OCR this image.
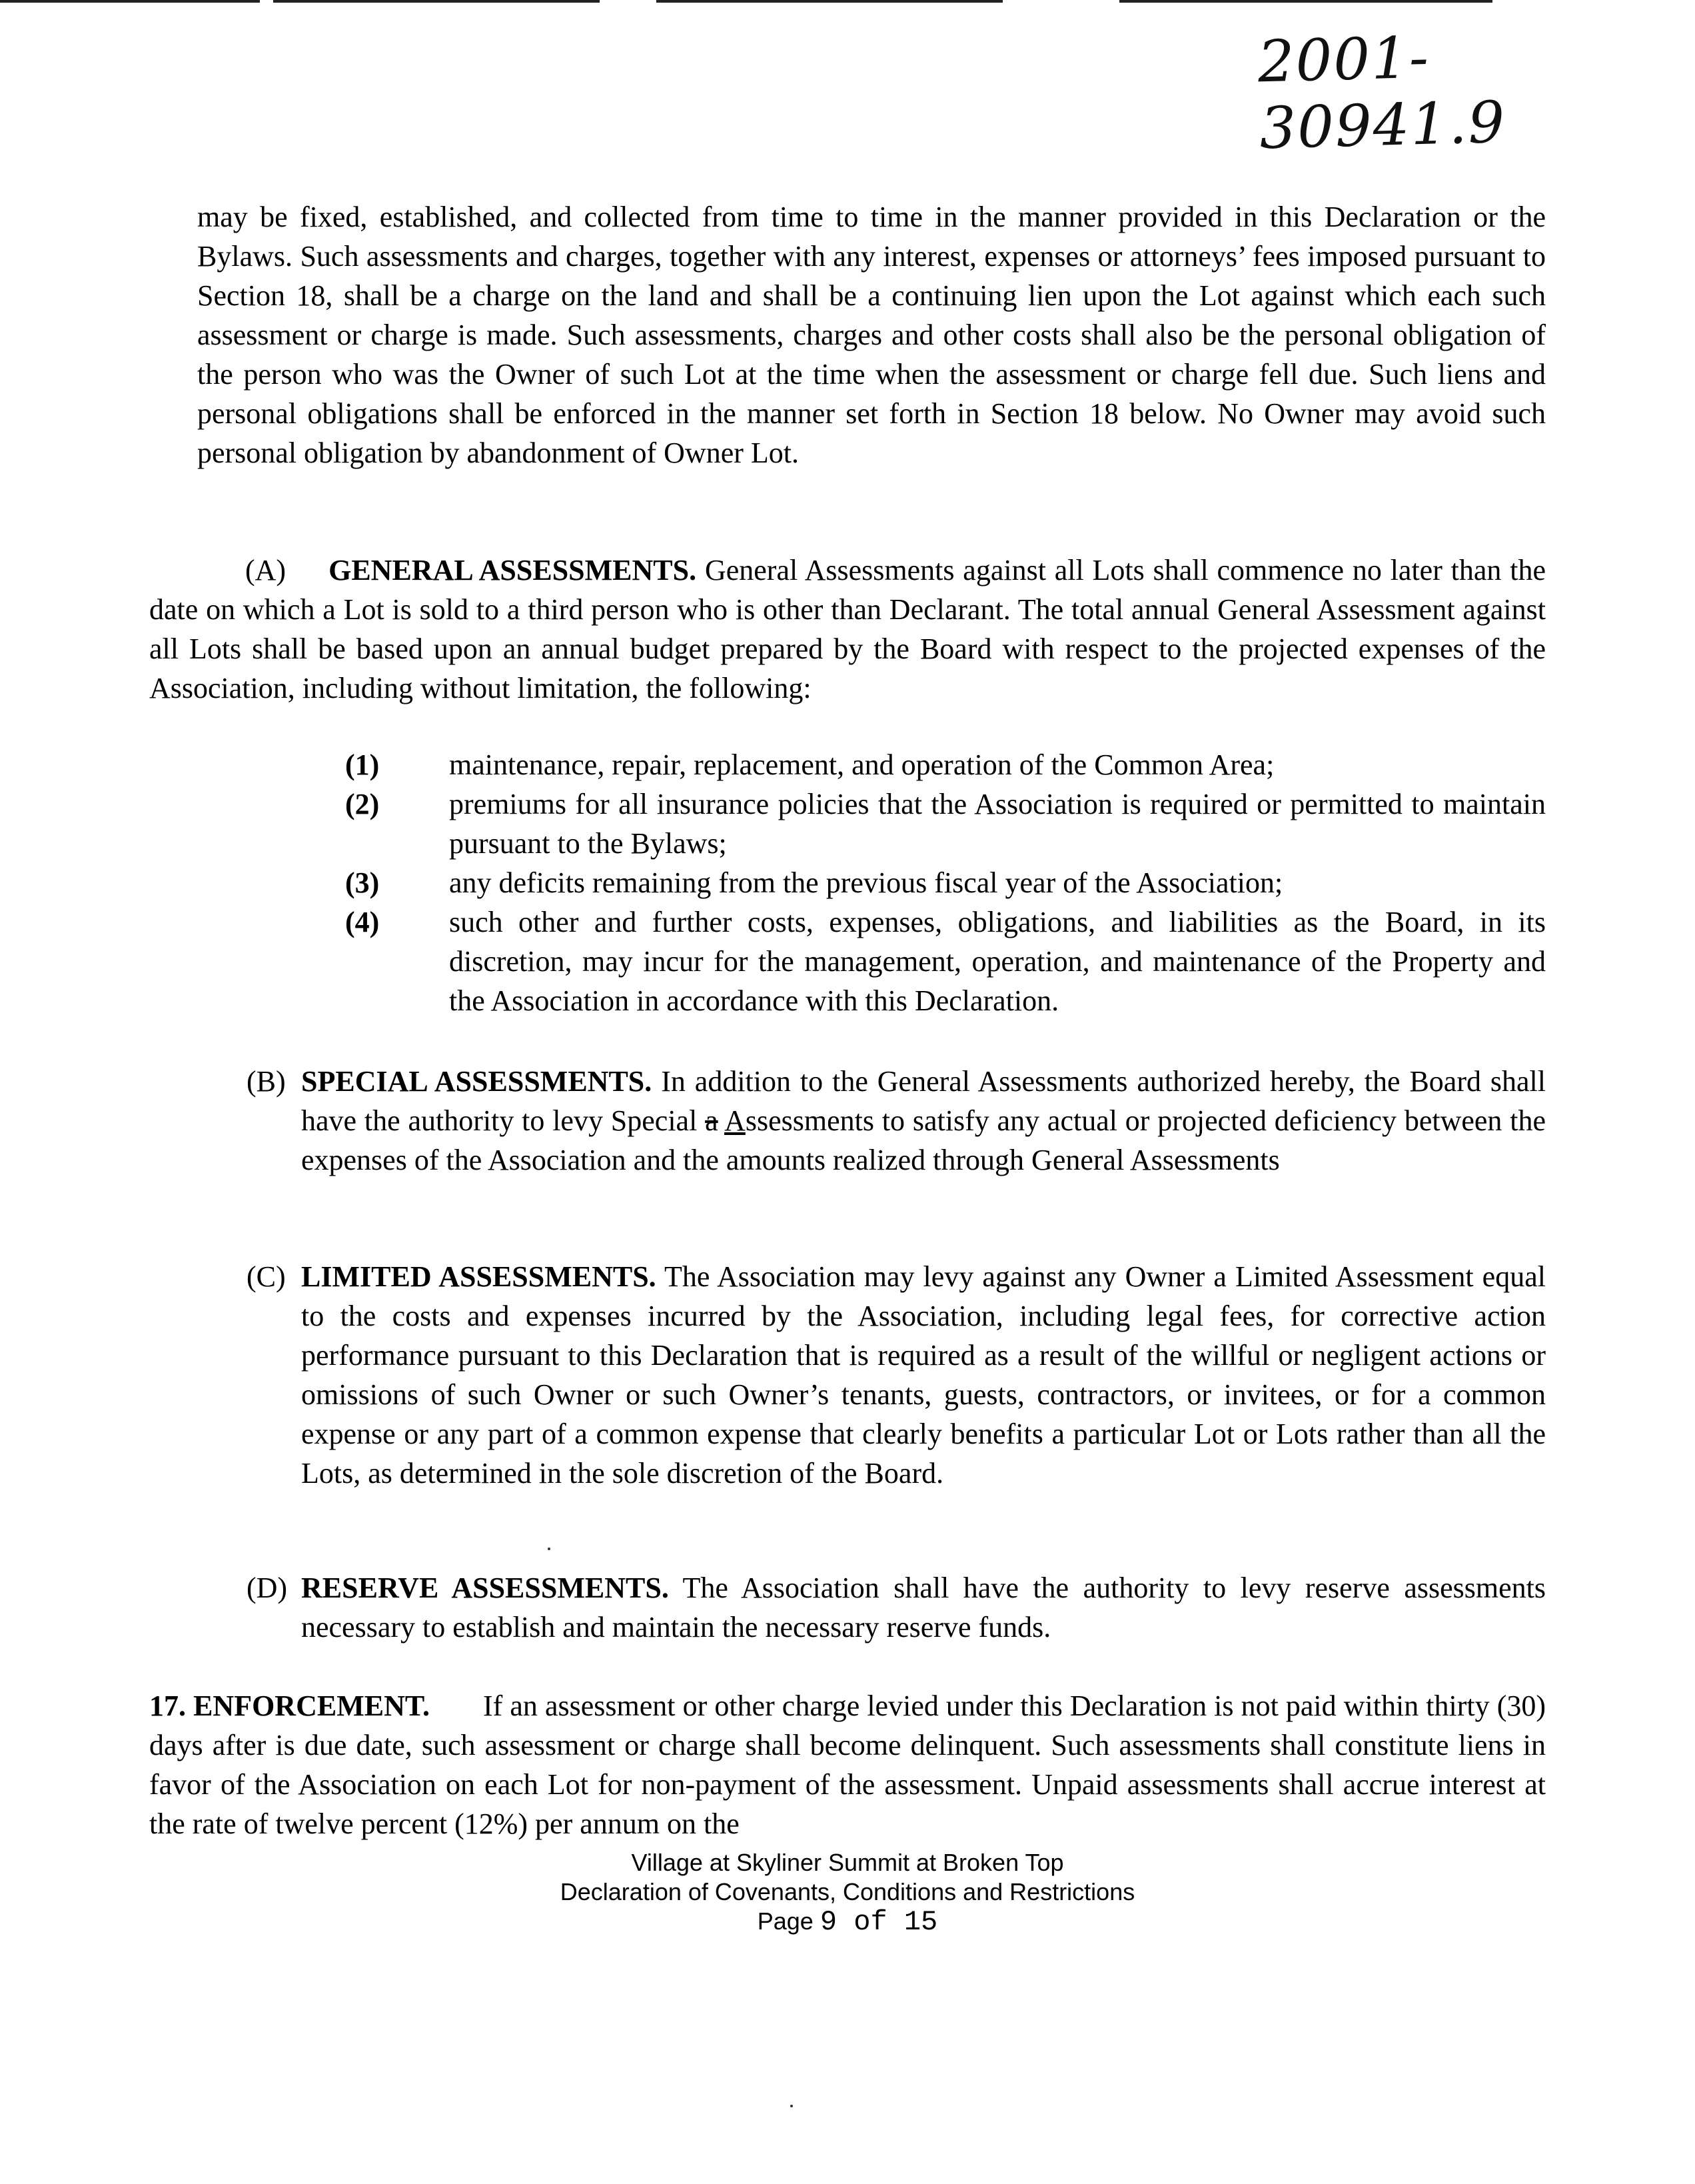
2001-30941.9
may be fixed, established, and collected from time to time in the manner provided in this Declaration or the Bylaws. Such assessments and charges, together with any interest, expenses or attorneys’ fees imposed pursuant to Section 18, shall be a charge on the land and shall be a continuing lien upon the Lot against which each such assessment or charge is made. Such assessments, charges and other costs shall also be the personal obligation of the person who was the Owner of such Lot at the time when the assessment or charge fell due. Such liens and personal obligations shall be enforced in the manner set forth in Section 18 below. No Owner may avoid such personal obligation by abandonment of Owner Lot.
(A) GENERAL ASSESSMENTS. General Assessments against all Lots shall commence no later than the date on which a Lot is sold to a third person who is other than Declarant. The total annual General Assessment against all Lots shall be based upon an annual budget prepared by the Board with respect to the projected expenses of the Association, including without limitation, the following:
(1)	maintenance, repair, replacement, and operation of the Common Area;
(2)	premiums for all insurance policies that the Association is required or permitted to maintain pursuant to the Bylaws;
(3)	any deficits remaining from the previous fiscal year of the Association;
(4)	such other and further costs, expenses, obligations, and liabilities as the Board, in its discretion, may incur for the management, operation, and maintenance of the Property and the Association in accordance with this Declaration.
(B) SPECIAL ASSESSMENTS. In addition to the General Assessments authorized hereby, the Board shall have the authority to levy Special a Assessments to satisfy any actual or projected deficiency between the expenses of the Association and the amounts realized through General Assessments
(C) LIMITED ASSESSMENTS. The Association may levy against any Owner a Limited Assessment equal to the costs and expenses incurred by the Association, including legal fees, for corrective action performance pursuant to this Declaration that is required as a result of the willful or negligent actions or omissions of such Owner or such Owner’s tenants, guests, contractors, or invitees, or for a common expense or any part of a common expense that clearly benefits a particular Lot or Lots rather than all the Lots, as determined in the sole discretion of the Board.
(D) RESERVE ASSESSMENTS. The Association shall have the authority to levy reserve assessments necessary to establish and maintain the necessary reserve funds.
17. ENFORCEMENT. If an assessment or other charge levied under this Declaration is not paid within thirty (30) days after is due date, such assessment or charge shall become delinquent. Such assessments shall constitute liens in favor of the Association on each Lot for non-payment of the assessment. Unpaid assessments shall accrue interest at the rate of twelve percent (12%) per annum on the
Village at Skyliner Summit at Broken Top
Declaration of Covenants, Conditions and Restrictions
Page 9 of 15
